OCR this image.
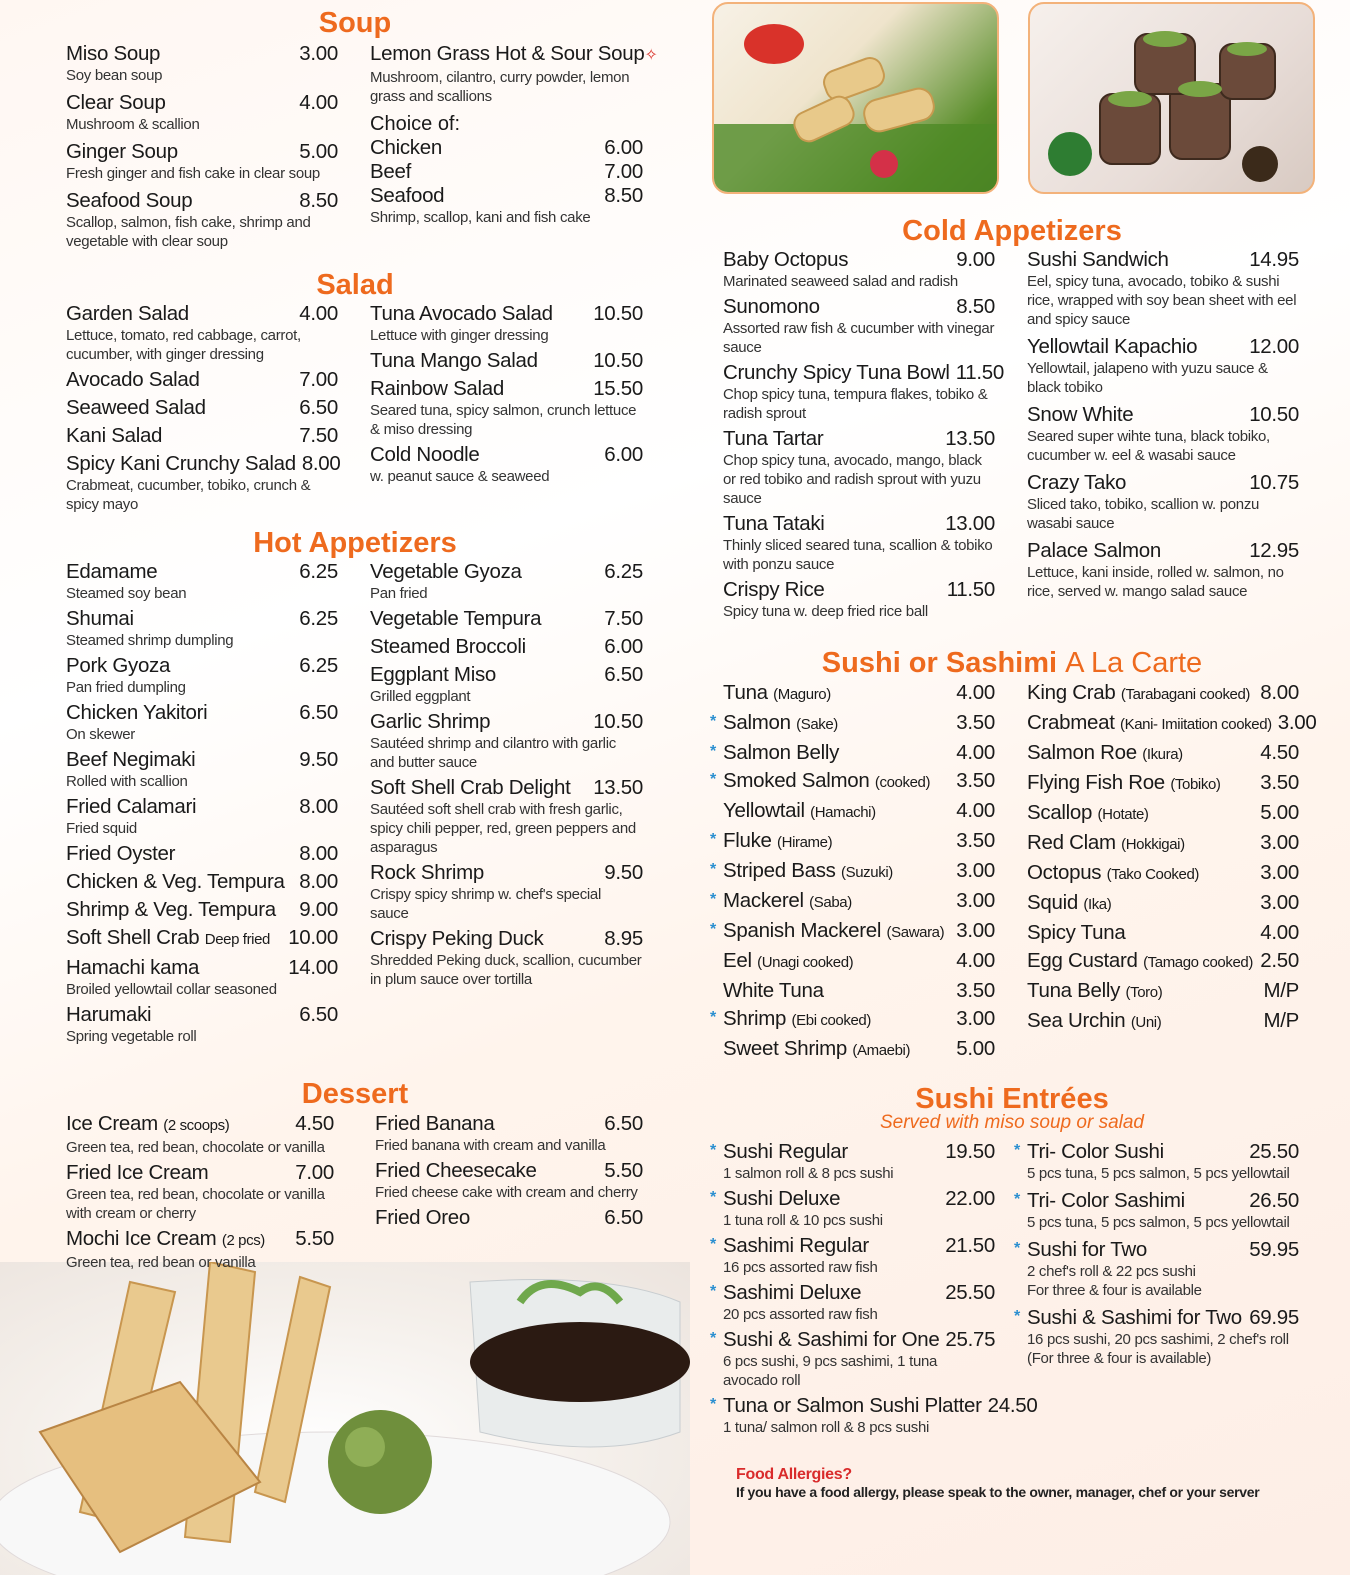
Soup
Miso Soup	3.00
Soy bean soup
Clear Soup	4.00
Mushroom & scallion
Ginger Soup	5.00
Fresh ginger and fish cake in clear soup
Seafood Soup	8.50
Scallop, salmon, fish cake, shrimp and vegetable with clear soup
Lemon Grass Hot & Sour Soup ✧
Mushroom, cilantro, curry powder, lemon grass and scallions
Choice of:
Chicken	6.00
Beef	7.00
Seafood	8.50
Shrimp, scallop, kani and fish cake
Salad
Garden Salad	4.00
Lettuce, tomato, red cabbage, carrot, cucumber, with ginger dressing
Avocado Salad	7.00
Seaweed Salad	6.50
Kani Salad	7.50
Spicy Kani Crunchy Salad 8.00
Crabmeat, cucumber, tobiko, crunch & spicy mayo
Tuna Avocado Salad 10.50
Lettuce with ginger dressing
Tuna Mango Salad	10.50
Rainbow Salad	15.50
Seared tuna, spicy salmon, crunch lettuce & miso dressing
Cold Noodle	6.00
w. peanut sauce & seaweed
Hot Appetizers
Edamame	6.25
Steamed soy bean
Shumai	6.25
Steamed shrimp dumpling
Pork Gyoza	6.25
Pan fried dumpling
Chicken Yakitori	6.50
On skewer
Beef Negimaki	9.50
Rolled with scallion
Fried Calamari	8.00
Fried squid
Fried Oyster	8.00
Chicken & Veg. Tempura 8.00
Shrimp & Veg. Tempura 9.00
Soft Shell Crab Deep fried 10.00
Hamachi kama	14.00
Broiled yellowtail collar seasoned
Harumaki	6.50
Spring vegetable roll
Vegetable Gyoza	6.25
Pan fried
Vegetable Tempura	7.50
Steamed Broccoli	6.00
Eggplant Miso	6.50
Grilled eggplant
Garlic Shrimp	10.50
Sautéed shrimp and cilantro with garlic and butter sauce
Soft Shell Crab Delight 13.50
Sautéed soft shell crab with fresh garlic, spicy chili pepper, red, green peppers and asparagus
Rock Shrimp	9.50
Crispy spicy shrimp w. chef's special sauce
Crispy Peking Duck	8.95
Shredded Peking duck, scallion, cucumber in plum sauce over tortilla
Dessert
Ice Cream (2 scoops)	4.50
Green tea, red bean, chocolate or vanilla
Fried Ice Cream	7.00
Green tea, red bean, chocolate or vanilla with cream or cherry
Mochi Ice Cream (2 pcs) 5.50
Green tea, red bean or vanilla
Fried Banana	6.50
Fried banana with cream and vanilla
Fried Cheesecake	5.50
Fried cheese cake with cream and cherry
Fried Oreo	6.50
Cold Appetizers
Baby Octopus	9.00
Marinated seaweed salad and radish
Sunomono	8.50
Assorted raw fish & cucumber with vinegar sauce
Crunchy Spicy Tuna Bowl 11.50
Chop spicy tuna, tempura flakes, tobiko & radish sprout
Tuna Tartar	13.50
Chop spicy tuna, avocado, mango, black or red tobiko and radish sprout with yuzu sauce
Tuna Tataki	13.00
Thinly sliced seared tuna, scallion & tobiko with ponzu sauce
Crispy Rice	11.50
Spicy tuna w. deep fried rice ball
Sushi Sandwich	14.95
Eel, spicy tuna, avocado, tobiko & sushi rice, wrapped with soy bean sheet with eel and spicy sauce
Yellowtail Kapachio	12.00
Yellowtail, jalapeno with yuzu sauce & black tobiko
Snow White	10.50
Seared super wihte tuna, black tobiko, cucumber w. eel & wasabi sauce
Crazy Tako	10.75
Sliced tako, tobiko, scallion w. ponzu wasabi sauce
Palace Salmon	12.95
Lettuce, kani inside, rolled w. salmon, no rice, served w. mango salad sauce
Sushi or Sashimi A La Carte
Tuna (Maguro)	4.00
* Salmon (Sake)	3.50
* Salmon Belly	4.00
* Smoked Salmon (cooked) 3.50
Yellowtail (Hamachi)	4.00
* Fluke (Hirame)	3.50
* Striped Bass (Suzuki)	3.00
* Mackerel (Saba)	3.00
* Spanish Mackerel (Sawara) 3.00
Eel (Unagi cooked)	4.00
White Tuna	3.50
* Shrimp (Ebi cooked)	3.00
Sweet Shrimp (Amaebi) 5.00
King Crab (Tarabagani cooked) 8.00
Crabmeat (Kani- Imiitation cooked) 3.00
Salmon Roe (Ikura)	4.50
Flying Fish Roe (Tobiko) 3.50
Scallop (Hotate)	5.00
Red Clam (Hokkigai)	3.00
Octopus (Tako Cooked)	3.00
Squid (Ika)	3.00
Spicy Tuna	4.00
Egg Custard (Tamago cooked) 2.50
Tuna Belly (Toro)	M/P
Sea Urchin (Uni)	M/P
Sushi Entrées
Served with miso soup or salad
* Sushi Regular	19.50
1 salmon roll & 8 pcs sushi
* Sushi Deluxe	22.00
1 tuna roll & 10 pcs sushi
* Sashimi Regular	21.50
16 pcs assorted raw fish
* Sashimi Deluxe	25.50
20 pcs assorted raw fish
* Sushi & Sashimi for One 25.75
6 pcs sushi, 9 pcs sashimi, 1 tuna avocado roll
* Tuna or Salmon Sushi Platter 24.50
1 tuna/ salmon roll & 8 pcs sushi
* Tri- Color Sushi	25.50
5 pcs tuna, 5 pcs salmon, 5 pcs yellowtail
* Tri- Color Sashimi	26.50
5 pcs tuna, 5 pcs salmon, 5 pcs yellowtail
* Sushi for Two	59.95
2 chef's roll & 22 pcs sushi
For three & four is available
* Sushi & Sashimi for Two 69.95
16 pcs sushi, 20 pcs sashimi, 2 chef's roll (For three & four is available)
Food Allergies?
If you have a food allergy, please speak to the owner, manager, chef or your server
